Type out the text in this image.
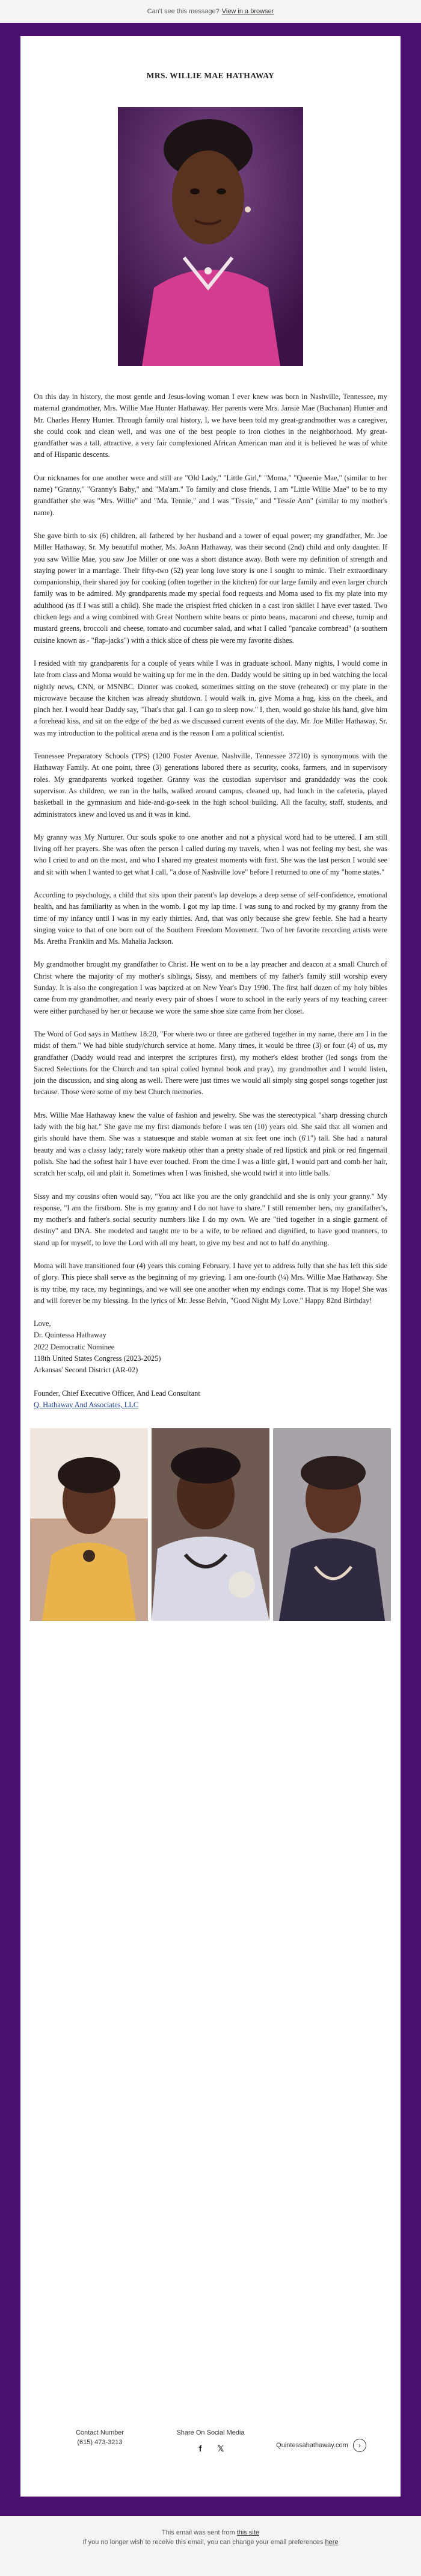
Can't see this message? View in a browser
MRS. WILLIE MAE HATHAWAY

On this day in history, the most gentle and Jesus-loving woman I ever knew was born in Nashville, Tennessee, my maternal grandmother, Mrs. Willie Mae Hunter Hathaway. Her parents were Mrs. Jansie Mae (Buchanan) Hunter and Mr. Charles Henry Hunter. Through family oral history, I, we have been told my great-grandmother was a caregiver, she could cook and clean well, and was one of the best people to iron clothes in the neighborhood. My great-grandfather was a tall, attractive, a very fair complexioned African American man and it is believed he was of white and of Hispanic descents.

Our nicknames for one another were and still are "Old Lady," "Little Girl," "Moma," "Queenie Mae," (similar to her name) "Granny," "Granny's Baby," and "Ma'am." To family and close friends, I am "Little Willie Mae" to be to my grandfather she was "Mrs. Willie" and "Ma. Tennie," and I was "Tessie," and "Tessie Ann" (similar to my mother's name).

She gave birth to six (6) children, all fathered by her husband and a tower of equal power; my grandfather, Mr. Joe Miller Hathaway, Sr. My beautiful mother, Ms. JoAnn Hathaway, was their second (2nd) child and only daughter. If you saw Willie Mae, you saw Joe Miller or one was a short distance away. Both were my definition of strength and staying power in a marriage. Their fifty-two (52) year long love story is one I sought to mimic. Their extraordinary companionship, their shared joy for cooking (often together in the kitchen) for our large family and even larger church family was to be admired. My grandparents made my special food requests and Moma used to fix my plate into my adulthood (as if I was still a child). She made the crispiest fried chicken in a cast iron skillet I have ever tasted. Two chicken legs and a wing combined with Great Northern white beans or pinto beans, macaroni and cheese, turnip and mustard greens, broccoli and cheese, tomato and cucumber salad, and what I called "pancake cornbread" (a southern cuisine known as - "flap-jacks") with a thick slice of chess pie were my favorite dishes.

I resided with my grandparents for a couple of years while I was in graduate school. Many nights, I would come in late from class and Moma would be waiting up for me in the den. Daddy would be sitting up in bed watching the local nightly news, CNN, or MSNBC. Dinner was cooked, sometimes sitting on the stove (reheated) or my plate in the microwave because the kitchen was already shutdown. I would walk in, give Moma a hug, kiss on the cheek, and pinch her. I would hear Daddy say, "That's that gal. I can go to sleep now." I, then, would go shake his hand, give him a forehead kiss, and sit on the edge of the bed as we discussed current events of the day. Mr. Joe Miller Hathaway, Sr. was my introduction to the political arena and is the reason I am a political scientist.

Tennessee Preparatory Schools (TPS) (1200 Foster Avenue, Nashville, Tennessee 37210) is synonymous with the Hathaway Family. At one point, three (3) generations labored there as security, cooks, farmers, and in supervisory roles. My grandparents worked together. Granny was the custodian supervisor and granddaddy was the cook supervisor. As children, we ran in the halls, walked around campus, cleaned up, had lunch in the cafeteria, played basketball in the gymnasium and hide-and-go-seek in the high school building. All the faculty, staff, students, and administrators knew and loved us and it was in kind.

My granny was My Nurturer. Our souls spoke to one another and not a physical word had to be uttered. I am still living off her prayers. She was often the person I called during my travels, when I was not feeling my best, she was who I cried to and on the most, and who I shared my greatest moments with first. She was the last person I would see and sit with when I wanted to get what I call, "a dose of Nashville love" before I returned to one of my "home states."

According to psychology, a child that sits upon their parent's lap develops a deep sense of self-confidence, emotional health, and has familiarity as when in the womb. I got my lap time. I was sung to and rocked by my granny from the time of my infancy until I was in my early thirties. And, that was only because she grew feeble. She had a hearty singing voice to that of one born out of the Southern Freedom Movement. Two of her favorite recording artists were Ms. Aretha Franklin and Ms. Mahalia Jackson.

My grandmother brought my grandfather to Christ. He went on to be a lay preacher and deacon at a small Church of Christ where the majority of my mother's siblings, Sissy, and members of my father's family still worship every Sunday. It is also the congregation I was baptized at on New Year's Day 1990. The first half dozen of my holy bibles came from my grandmother, and nearly every pair of shoes I wore to school in the early years of my teaching career were either purchased by her or because we wore the same shoe size came from her closet.

The Word of God says in Matthew 18:20, "For where two or three are gathered together in my name, there am I in the midst of them." We had bible study/church service at home. Many times, it would be three (3) or four (4) of us, my grandfather (Daddy would read and interpret the scriptures first), my mother's eldest brother (led songs from the Sacred Selections for the Church and tan spiral coiled hymnal book and pray), my grandmother and I would listen, join the discussion, and sing along as well. There were just times we would all simply sing gospel songs together just because. Those were some of my best Church memories.

Mrs. Willie Mae Hathaway knew the value of fashion and jewelry. She was the stereotypical "sharp dressing church lady with the big hat." She gave me my first diamonds before I was ten (10) years old. She said that all women and girls should have them. She was a statuesque and stable woman at six feet one inch (6'1") tall. She had a natural beauty and was a classy lady; rarely wore makeup other than a pretty shade of red lipstick and pink or red fingernail polish. She had the softest hair I have ever touched. From the time I was a little girl, I would part and comb her hair, scratch her scalp, oil and plait it. Sometimes when I was finished, she would twirl it into little balls.

Sissy and my cousins often would say, "You act like you are the only grandchild and she is only your granny." My response, "I am the firstborn. She is my granny and I do not have to share." I still remember hers, my grandfather's, my mother's and father's social security numbers like I do my own. We are "tied together in a single garment of destiny" and DNA. She modeled and taught me to be a wife, to be refined and dignified, to have good manners, to stand up for myself, to love the Lord with all my heart, to give my best and not to half do anything.

Moma will have transitioned four (4) years this coming February. I have yet to address fully that she has left this side of glory. This piece shall serve as the beginning of my grieving. I am one-fourth (¼) Mrs. Willie Mae Hathaway. She is my tribe, my race, my beginnings, and we will see one another when my endings come. That is my Hope! She was and will forever be my blessing. In the lyrics of Mr. Jesse Belvin, "Good Night My Love." Happy 82nd Birthday!

Love,
Dr. Quintessa Hathaway
2022 Democratic Nominee
118th United States Congress (2023-2025)
Arkansas' Second District (AR-02)

Founder, Chief Executive Officer, And Lead Consultant
Q. Hathaway And Associates, LLC

Contact Number
(615) 473-3213
Share On Social Media
f	𝕏	Quintessahathaway.com	›
This email was sent from this site
If you no longer wish to receive this email, you can change your email preferences here
